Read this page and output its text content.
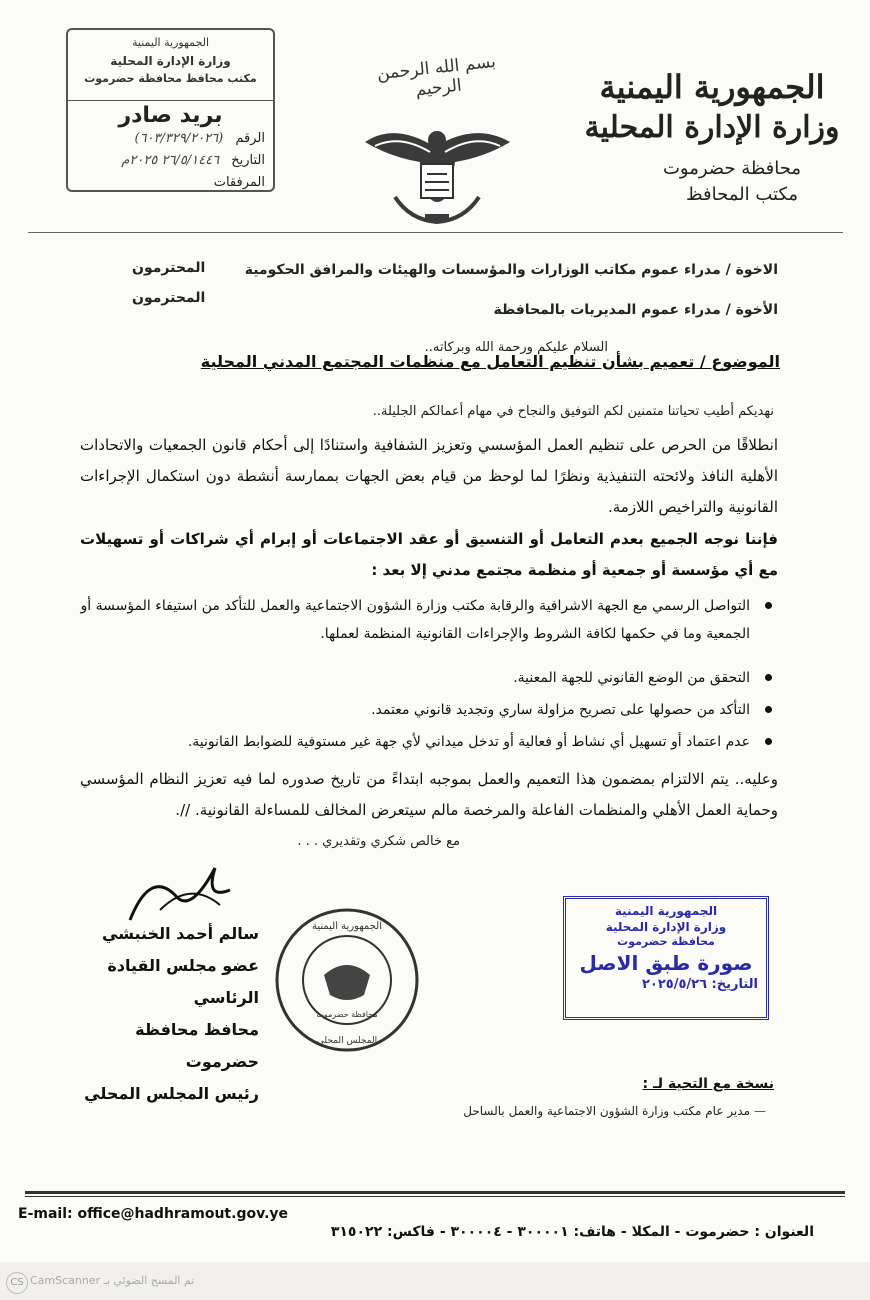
الجمهورية اليمنية
وزارة الإدارة المحلية
محافظة حضرموت
مكتب المحافظ
بسم الله الرحمن الرحيم
الجمهورية اليمنية
وزارة الإدارة المحلية
مكتب محافظ محافظة حضرموت
بريد صادر
الرقم (٦٠٣/٣٢٩/٢٠٢٦)
التاريخ ٢٦/٥/١٤٤٦ ٢٠٢٥م
المرفقات
الاخوة / مدراء عموم مكاتب الوزارات والمؤسسات والهيئات والمرافق الحكومية
المحترمون
الأخوة / مدراء عموم المديريات بالمحافظة
المحترمون
السلام عليكم ورحمة الله وبركاته..
الموضوع / تعميم بشأن تنظيم التعامل مع منظمات المجتمع المدني المحلية
نهديكم أطيب تحياتنا متمنين لكم التوفيق والنجاح في مهام أعمالكم الجليلة..
انطلاقًا من الحرص على تنظيم العمل المؤسسي وتعزيز الشفافية واستنادًا إلى أحكام قانون الجمعيات والاتحادات الأهلية النافذ ولائحته التنفيذية ونظرًا لما لوحظ من قيام بعض الجهات بممارسة أنشطة دون استكمال الإجراءات القانونية والتراخيص اللازمة.
فإننا نوجه الجميع بعدم التعامل أو التنسيق أو عقد الاجتماعات أو إبرام أي شراكات أو تسهيلات مع أي مؤسسة أو جمعية أو منظمة مجتمع مدني إلا بعد :
التواصل الرسمي مع الجهة الاشرافية والرقابة مكتب وزارة الشؤون الاجتماعية والعمل للتأكد من استيفاء المؤسسة أو الجمعية وما في حكمها لكافة الشروط والإجراءات القانونية المنظمة لعملها.
التحقق من الوضع القانوني للجهة المعنية.
التأكد من حصولها على تصريح مزاولة ساري وتجديد قانوني معتمد.
عدم اعتماد أو تسهيل أي نشاط أو فعالية أو تدخل ميداني لأي جهة غير مستوفية للضوابط القانونية.
وعليه.. يتم الالتزام بمضمون هذا التعميم والعمل بموجبه ابتداءً من تاريخ صدوره لما فيه تعزيز النظام المؤسسي وحماية العمل الأهلي والمنظمات الفاعلة والمرخصة مالم سيتعرض المخالف للمساءلة القانونية. //.
مع خالص شكري وتقديري . . .
سالم أحمد الخنبشي
عضو مجلس القيادة الرئاسي
محافظ محافظة حضرموت
رئيس المجلس المحلي
الجمهورية اليمنية
محافظة حضرموت
المجلس المحلي
الجمهورية اليمنية
وزارة الإدارة المحلية
محافظة حضرموت
صورة طبق الاصل
التاريخ: ٢٠٢٥/٥/٢٦
نسخة مع التحية لـ :
مدير عام مكتب وزارة الشؤون الاجتماعية والعمل بالساحل —
العنوان : حضرموت - المكلا - هاتف: ٣٠٠٠٠١ - ٣٠٠٠٠٤ - فاكس: ٣١٥٠٢٢
E-mail: office@hadhramout.gov.ye
CS تم المسح الضوئي بـ CamScanner
